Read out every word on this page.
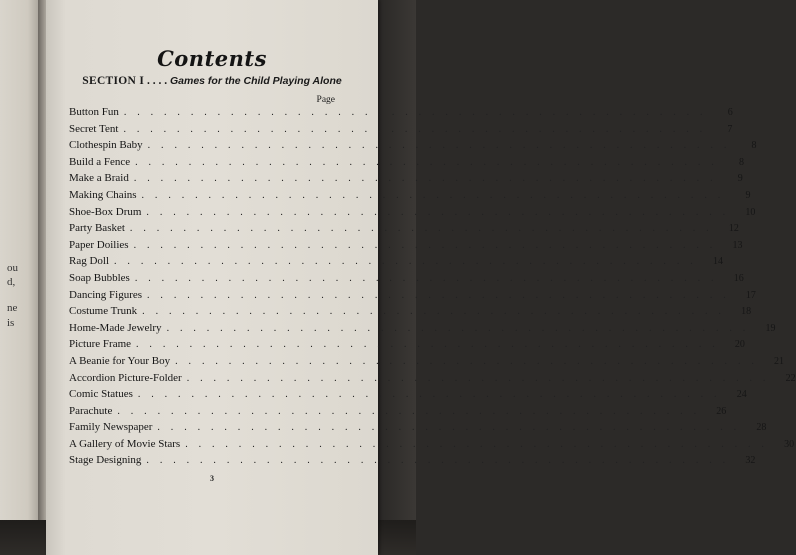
ou
d,
ne
is
Contents
SECTION I . . . . Games for the Child Playing Alone
Page
Button Fun . . . . . . . . . . . . . . . . . . . . . . . . . . . . . . . . . . . . . . . . . . . .	6
Secret Tent . . . . . . . . . . . . . . . . . . . . . . . . . . . . . . . . . . . . . . . . . . . .	7
Clothespin Baby . . . . . . . . . . . . . . . . . . . . . . . . . . . . . . . . . . . . . . . . . . . .	8
Build a Fence . . . . . . . . . . . . . . . . . . . . . . . . . . . . . . . . . . . . . . . . . . . .	8
Make a Braid . . . . . . . . . . . . . . . . . . . . . . . . . . . . . . . . . . . . . . . . . . . .	9
Making Chains . . . . . . . . . . . . . . . . . . . . . . . . . . . . . . . . . . . . . . . . . . . .	9
Shoe-Box Drum . . . . . . . . . . . . . . . . . . . . . . . . . . . . . . . . . . . . . . . . . . . .	10
Party Basket . . . . . . . . . . . . . . . . . . . . . . . . . . . . . . . . . . . . . . . . . . . .	12
Paper Doilies . . . . . . . . . . . . . . . . . . . . . . . . . . . . . . . . . . . . . . . . . . . .	13
Rag Doll . . . . . . . . . . . . . . . . . . . . . . . . . . . . . . . . . . . . . . . . . . . .	14
Soap Bubbles . . . . . . . . . . . . . . . . . . . . . . . . . . . . . . . . . . . . . . . . . . . .	16
Dancing Figures . . . . . . . . . . . . . . . . . . . . . . . . . . . . . . . . . . . . . . . . . . . .	17
Costume Trunk . . . . . . . . . . . . . . . . . . . . . . . . . . . . . . . . . . . . . . . . . . . .	18
Home-Made Jewelry . . . . . . . . . . . . . . . . . . . . . . . . . . . . . . . . . . . . . . . . . . . .	19
Picture Frame . . . . . . . . . . . . . . . . . . . . . . . . . . . . . . . . . . . . . . . . . . . .	20
A Beanie for Your Boy . . . . . . . . . . . . . . . . . . . . . . . . . . . . . . . . . . . . . . . . . . . .	21
Accordion Picture-Folder . . . . . . . . . . . . . . . . . . . . . . . . . . . . . . . . . . . . . . . . . . . .	22
Comic Statues . . . . . . . . . . . . . . . . . . . . . . . . . . . . . . . . . . . . . . . . . . . .	24
Parachute . . . . . . . . . . . . . . . . . . . . . . . . . . . . . . . . . . . . . . . . . . . .	26
Family Newspaper . . . . . . . . . . . . . . . . . . . . . . . . . . . . . . . . . . . . . . . . . . . .	28
A Gallery of Movie Stars . . . . . . . . . . . . . . . . . . . . . . . . . . . . . . . . . . . . . . . . . . . .	30
Stage Designing . . . . . . . . . . . . . . . . . . . . . . . . . . . . . . . . . . . . . . . . . . . .	32
3
